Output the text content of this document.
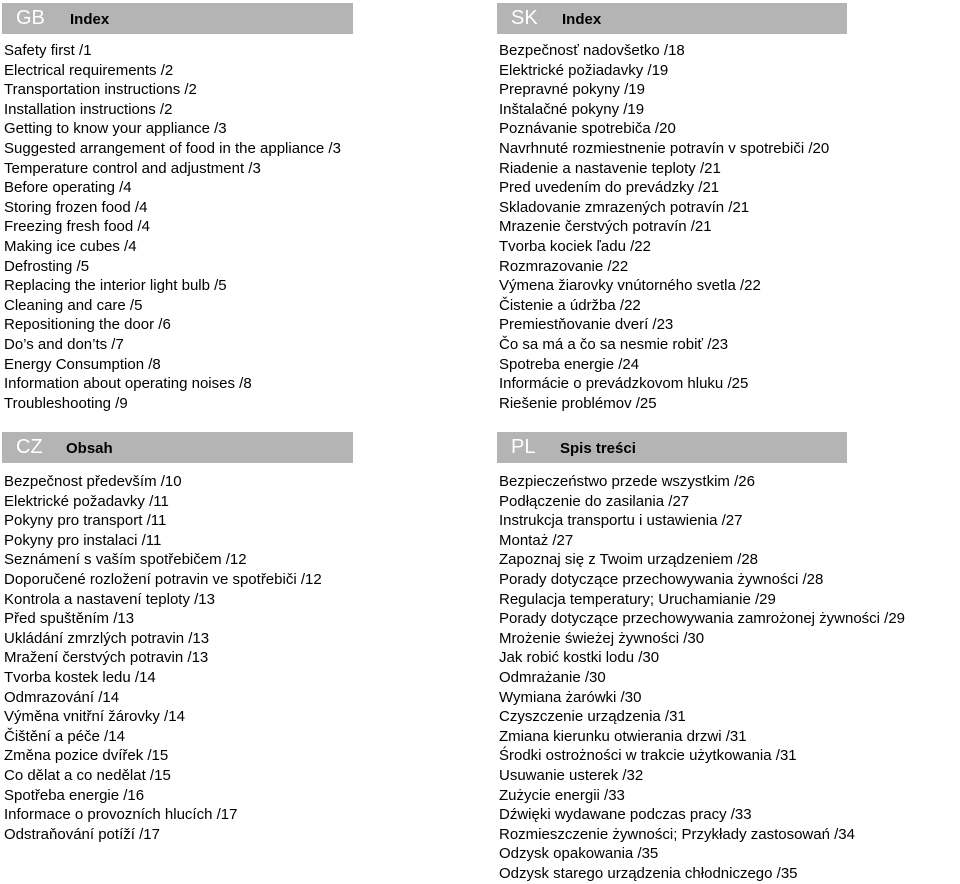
GB Index
Safety first /1
Electrical requirements /2
Transportation instructions /2
Installation instructions /2
Getting to know your appliance /3
Suggested arrangement of food in the appliance /3
Temperature control and adjustment /3
Before operating /4
Storing frozen food /4
Freezing fresh food /4
Making ice cubes /4
Defrosting /5
Replacing the interior light bulb /5
Cleaning and care /5
Repositioning the door /6
Do’s and don’ts /7
Energy Consumption /8
Information about operating noises /8
Troubleshooting /9
SK Index
Bezpečnosť nadovšetko /18
Elektrické požiadavky /19
Prepravné pokyny /19
Inštalačné pokyny /19
Poznávanie spotrebiča /20
Navrhnuté rozmiestnenie potravín v spotrebiči /20
Riadenie a nastavenie teploty /21
Pred uvedením do prevádzky /21
Skladovanie zmrazených potravín /21
Mrazenie čerstvých potravín /21
Tvorba kociek ľadu /22
Rozmrazovanie /22
Výmena žiarovky vnútorného svetla /22
Čistenie a údržba /22
Premiestňovanie dverí /23
Čo sa má a čo sa nesmie robiť /23
Spotreba energie /24
Informácie o prevádzkovom hluku /25
Riešenie problémov /25
CZ Obsah
Bezpečnost především /10
Elektrické požadavky /11
Pokyny pro transport /11
Pokyny pro instalaci /11
Seznámení s vaším spotřebičem /12
Doporučené rozložení potravin ve spotřebiči /12
Kontrola a nastavení teploty /13
Před spuštěním /13
Ukládání zmrzlých potravin /13
Mražení čerstvých potravin /13
Tvorba kostek ledu /14
Odmrazování /14
Výměna vnitřní žárovky /14
Čištění a péče /14
Změna pozice dvířek /15
Co dělat a co nedělat /15
Spotřeba energie /16
Informace o provozních hlucích /17
Odstraňování potíží /17
PL Spis treści
Bezpieczeństwo przede wszystkim /26
Podłączenie do zasilania /27
Instrukcja transportu i ustawienia /27
Montaż /27
Zapoznaj się z Twoim urządzeniem /28
Porady dotyczące przechowywania żywności /28
Regulacja temperatury; Uruchamianie /29
Porady dotyczące przechowywania zamrożonej żywności /29
Mrożenie świeżej żywności /30
Jak robić kostki lodu /30
Odmrażanie /30
Wymiana żarówki /30
Czyszczenie urządzenia /31
Zmiana kierunku otwierania drzwi /31
Środki ostrożności w trakcie użytkowania /31
Usuwanie usterek /32
Zużycie energii /33
Dźwięki wydawane podczas pracy /33
Rozmieszczenie żywności; Przykłady zastosowań /34
Odzysk opakowania /35
Odzysk starego urządzenia chłodniczego /35
